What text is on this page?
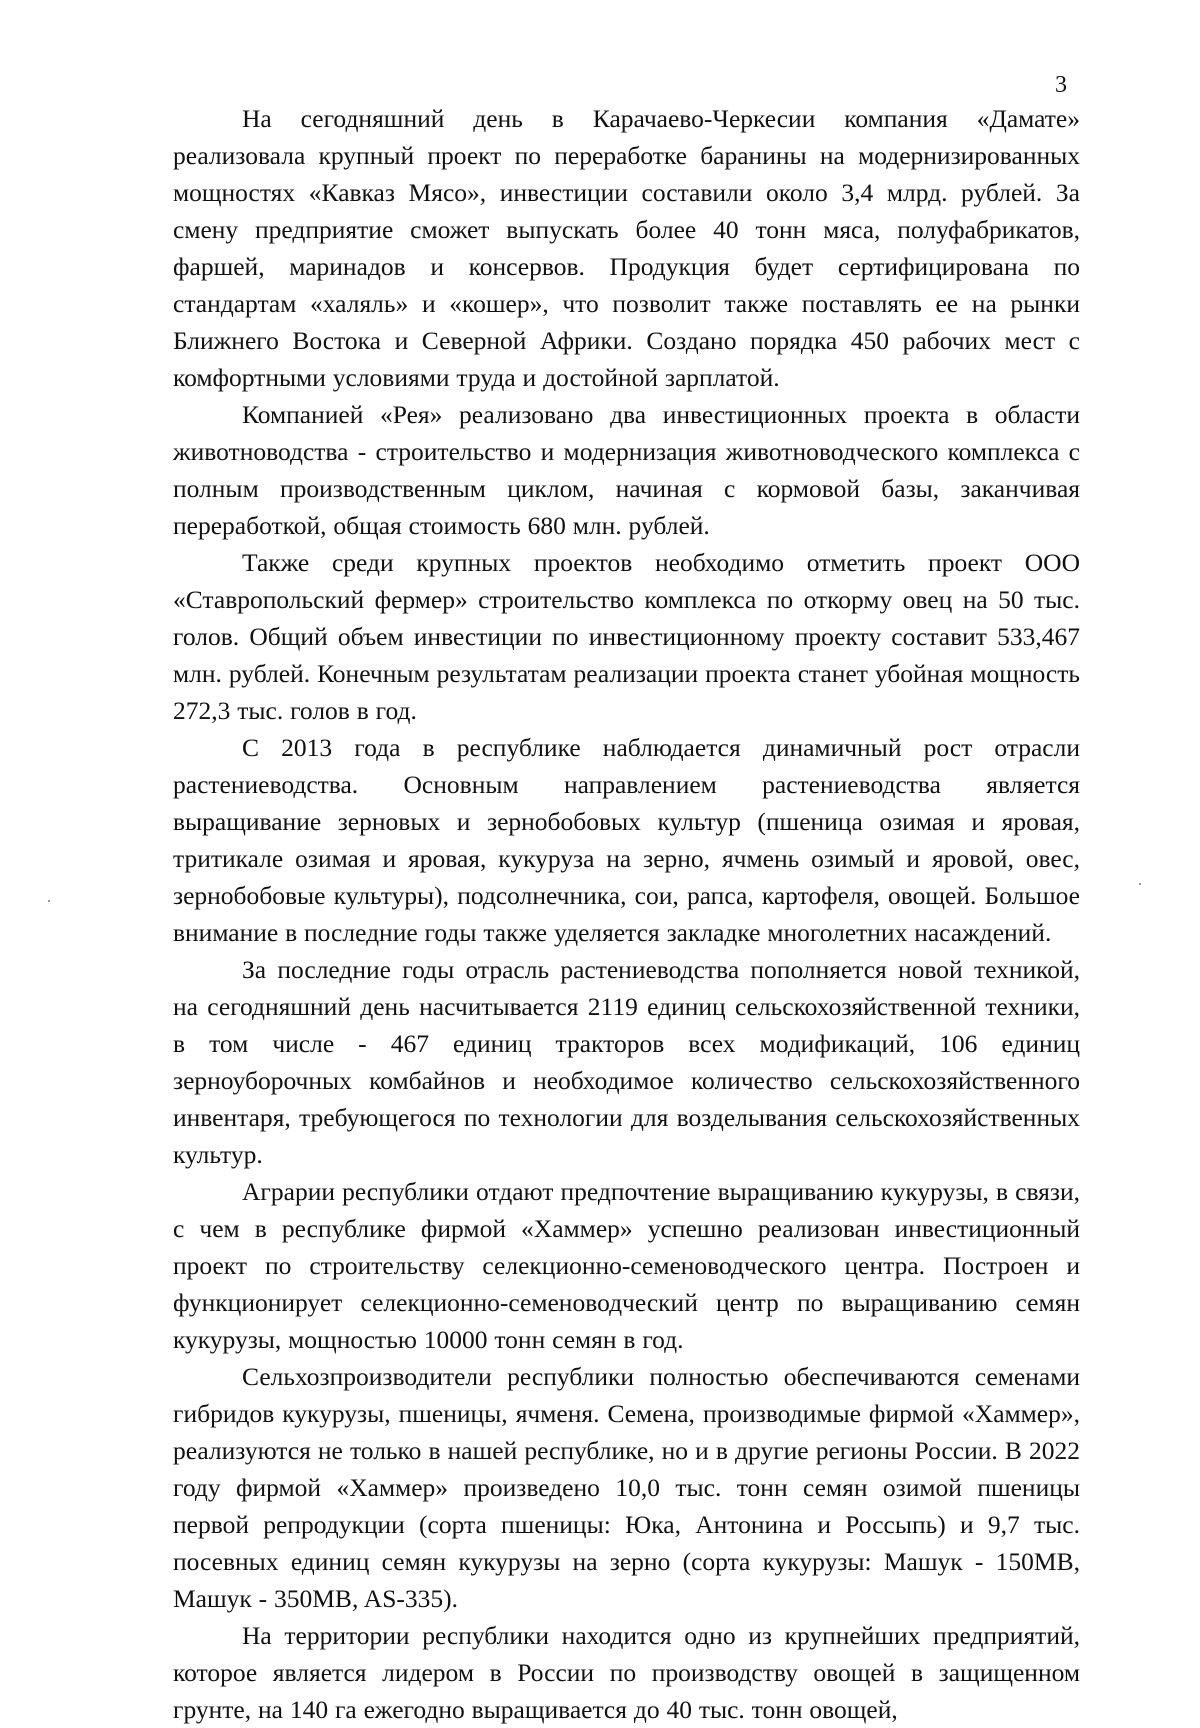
3

На сегодняшний день в Карачаево-Черкесии компания «Дамате» реализовала крупный проект по переработке баранины на модернизированных мощностях «Кавказ Мясо», инвестиции составили около 3,4 млрд. рублей. За смену предприятие сможет выпускать более 40 тонн мяса, полуфабрикатов, фаршей, маринадов и консервов. Продукция будет сертифицирована по стандартам «халяль» и «кошер», что позволит также поставлять ее на рынки Ближнего Востока и Северной Африки. Создано порядка 450 рабочих мест с комфортными условиями труда и достойной зарплатой.

Компанией «Рея» реализовано два инвестиционных проекта в области животноводства - строительство и модернизация животноводческого комплекса с полным производственным циклом, начиная с кормовой базы, заканчивая переработкой, общая стоимость 680 млн. рублей.

Также среди крупных проектов необходимо отметить проект ООО «Ставропольский фермер» строительство комплекса по откорму овец на 50 тыс. голов. Общий объем инвестиции по инвестиционному проекту составит 533,467 млн. рублей. Конечным результатам реализации проекта станет убойная мощность 272,3 тыс. голов в год.

С 2013 года в республике наблюдается динамичный рост отрасли растениеводства. Основным направлением растениеводства является выращивание зерновых и зернобобовых культур (пшеница озимая и яровая, тритикале озимая и яровая, кукуруза на зерно, ячмень озимый и яровой, овес, зернобобовые культуры), подсолнечника, сои, рапса, картофеля, овощей. Большое внимание в последние годы также уделяется закладке многолетних насаждений.

За последние годы отрасль растениеводства пополняется новой техникой, на сегодняшний день насчитывается 2119 единиц сельскохозяйственной техники, в том числе - 467 единиц тракторов всех модификаций, 106 единиц зерноуборочных комбайнов и необходимое количество сельскохозяйственного инвентаря, требующегося по технологии для возделывания сельскохозяйственных культур.

Аграрии республики отдают предпочтение выращиванию кукурузы, в связи, с чем в республике фирмой «Хаммер» успешно реализован инвестиционный проект по строительству селекционно-семеноводческого центра. Построен и функционирует селекционно-семеноводческий центр по выращиванию семян кукурузы, мощностью 10000 тонн семян в год.

Сельхозпроизводители республики полностью обеспечиваются семенами гибридов кукурузы, пшеницы, ячменя. Семена, производимые фирмой «Хаммер», реализуются не только в нашей республике, но и в другие регионы России. В 2022 году фирмой «Хаммер» произведено 10,0 тыс. тонн семян озимой пшеницы первой репродукции (сорта пшеницы: Юка, Антонина и Россыпь) и 9,7 тыс. посевных единиц семян кукурузы на зерно (сорта кукурузы: Машук - 150MB, Машук - 350MB, AS-335).

На территории республики находится одно из крупнейших предприятий, которое является лидером в России по производству овощей в защищенном грунте, на 140 га ежегодно выращивается до 40 тыс. тонн овощей,
